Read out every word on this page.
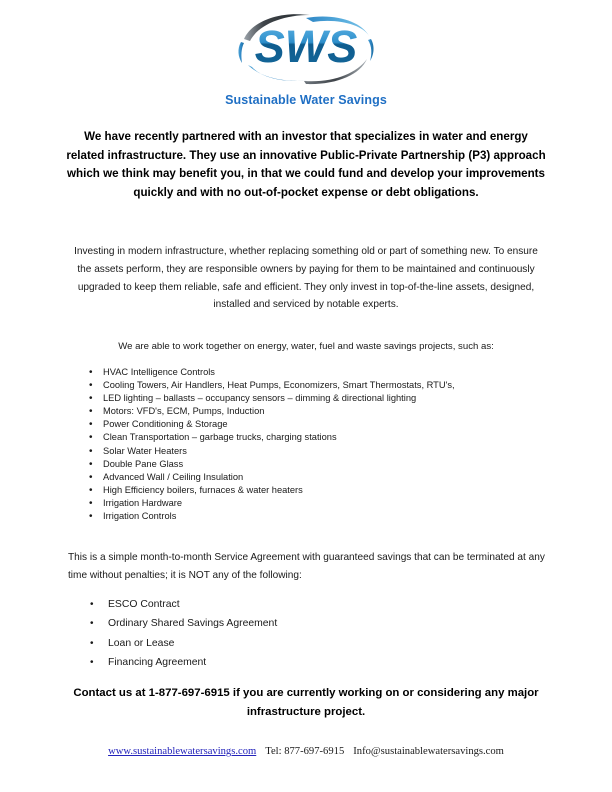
SWS
Sustainable Water Savings
We have recently partnered with an investor that specializes in water and energy related infrastructure. They use an innovative Public-Private Partnership (P3) approach which we think may benefit you, in that we could fund and develop your improvements quickly and with no out-of-pocket expense or debt obligations.
Investing in modern infrastructure, whether replacing something old or part of something new. To ensure the assets perform, they are responsible owners by paying for them to be maintained and continuously upgraded to keep them reliable, safe and efficient. They only invest in top-of-the-line assets, designed, installed and serviced by notable experts.
We are able to work together on energy, water, fuel and waste savings projects, such as:
• HVAC Intelligence Controls
• Cooling Towers, Air Handlers, Heat Pumps, Economizers, Smart Thermostats, RTU's,
• LED lighting – ballasts – occupancy sensors – dimming & directional lighting
• Motors: VFD's, ECM, Pumps, Induction
• Power Conditioning & Storage
• Clean Transportation – garbage trucks, charging stations
• Solar Water Heaters
• Double Pane Glass
• Advanced Wall / Ceiling Insulation
• High Efficiency boilers, furnaces & water heaters
• Irrigation Hardware
• Irrigation Controls
This is a simple month-to-month Service Agreement with guaranteed savings that can be terminated at any time without penalties; it is NOT any of the following:
• ESCO Contract
• Ordinary Shared Savings Agreement
• Loan or Lease
• Financing Agreement
Contact us at 1-877-697-6915 if you are currently working on or considering any major infrastructure project.
www.sustainablewatersavings.com Tel: 877-697-6915 Info@sustainablewatersavings.com
